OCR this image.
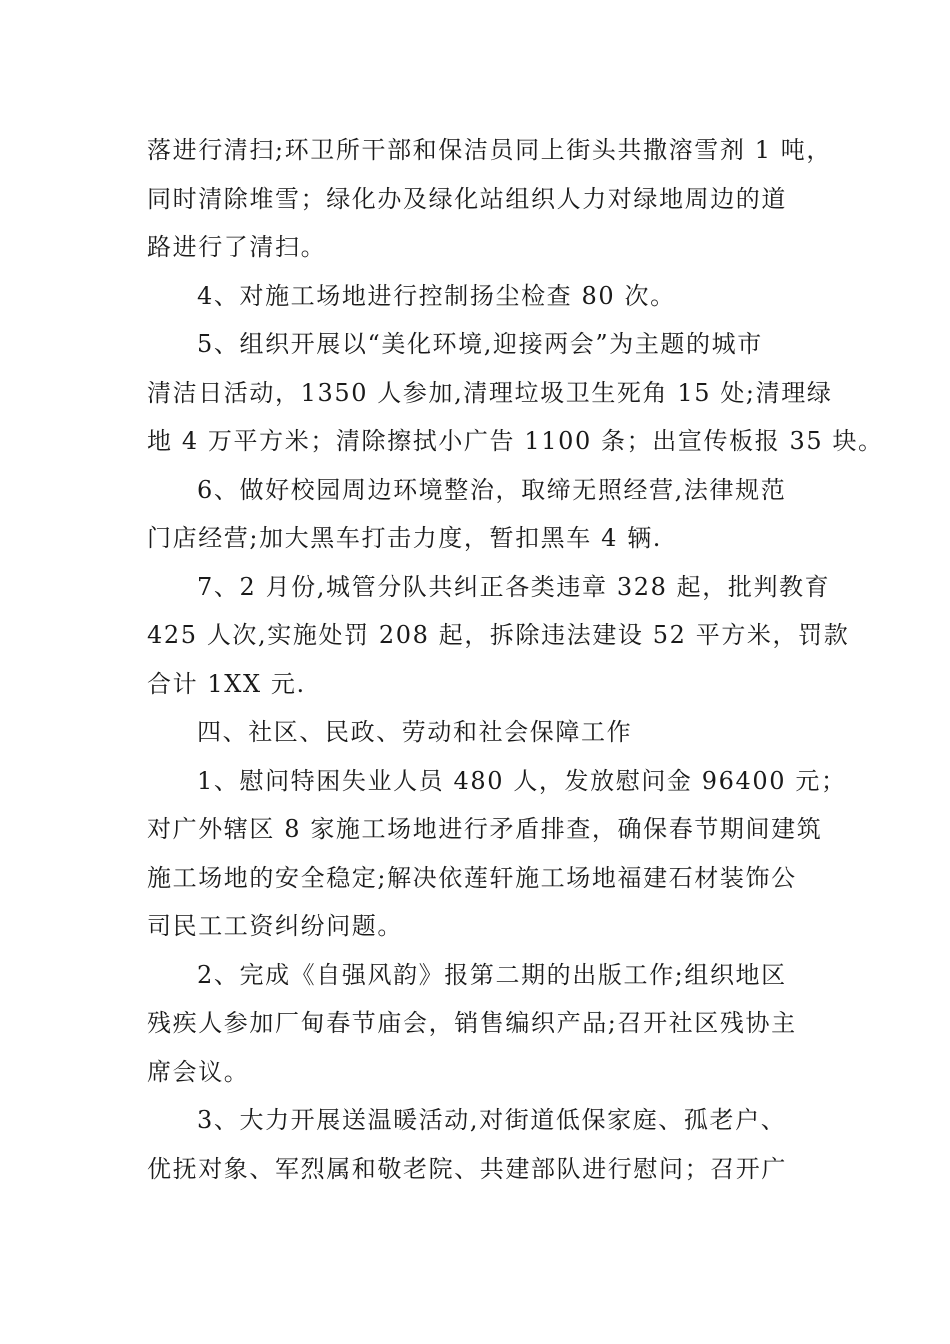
落进行清扫;环卫所干部和保洁员同上街头共撒溶雪剂 1 吨，
同时清除堆雪；绿化办及绿化站组织人力对绿地周边的道
路进行了清扫。
4、对施工场地进行控制扬尘检查 80 次。
5、组织开展以“美化环境,迎接两会”为主题的城市
清洁日活动，1350 人参加,清理垃圾卫生死角 15 处;清理绿
地 4 万平方米；清除擦拭小广告 1100 条；出宣传板报 35 块。
6、做好校园周边环境整治，取缔无照经营,法律规范
门店经营;加大黑车打击力度，暂扣黑车 4 辆.
7、2 月份,城管分队共纠正各类违章 328 起，批判教育
425 人次,实施处罚 208 起，拆除违法建设 52 平方米，罚款
合计 1XX 元.
四、社区、民政、劳动和社会保障工作
1、慰问特困失业人员 480 人，发放慰问金 96400 元；
对广外辖区 8 家施工场地进行矛盾排查，确保春节期间建筑
施工场地的安全稳定;解决依莲轩施工场地福建石材装饰公
司民工工资纠纷问题。
2、完成《自强风韵》报第二期的出版工作;组织地区
残疾人参加厂甸春节庙会，销售编织产品;召开社区残协主
席会议。
3、大力开展送温暖活动,对街道低保家庭、孤老户、
优抚对象、军烈属和敬老院、共建部队进行慰问；召开广
